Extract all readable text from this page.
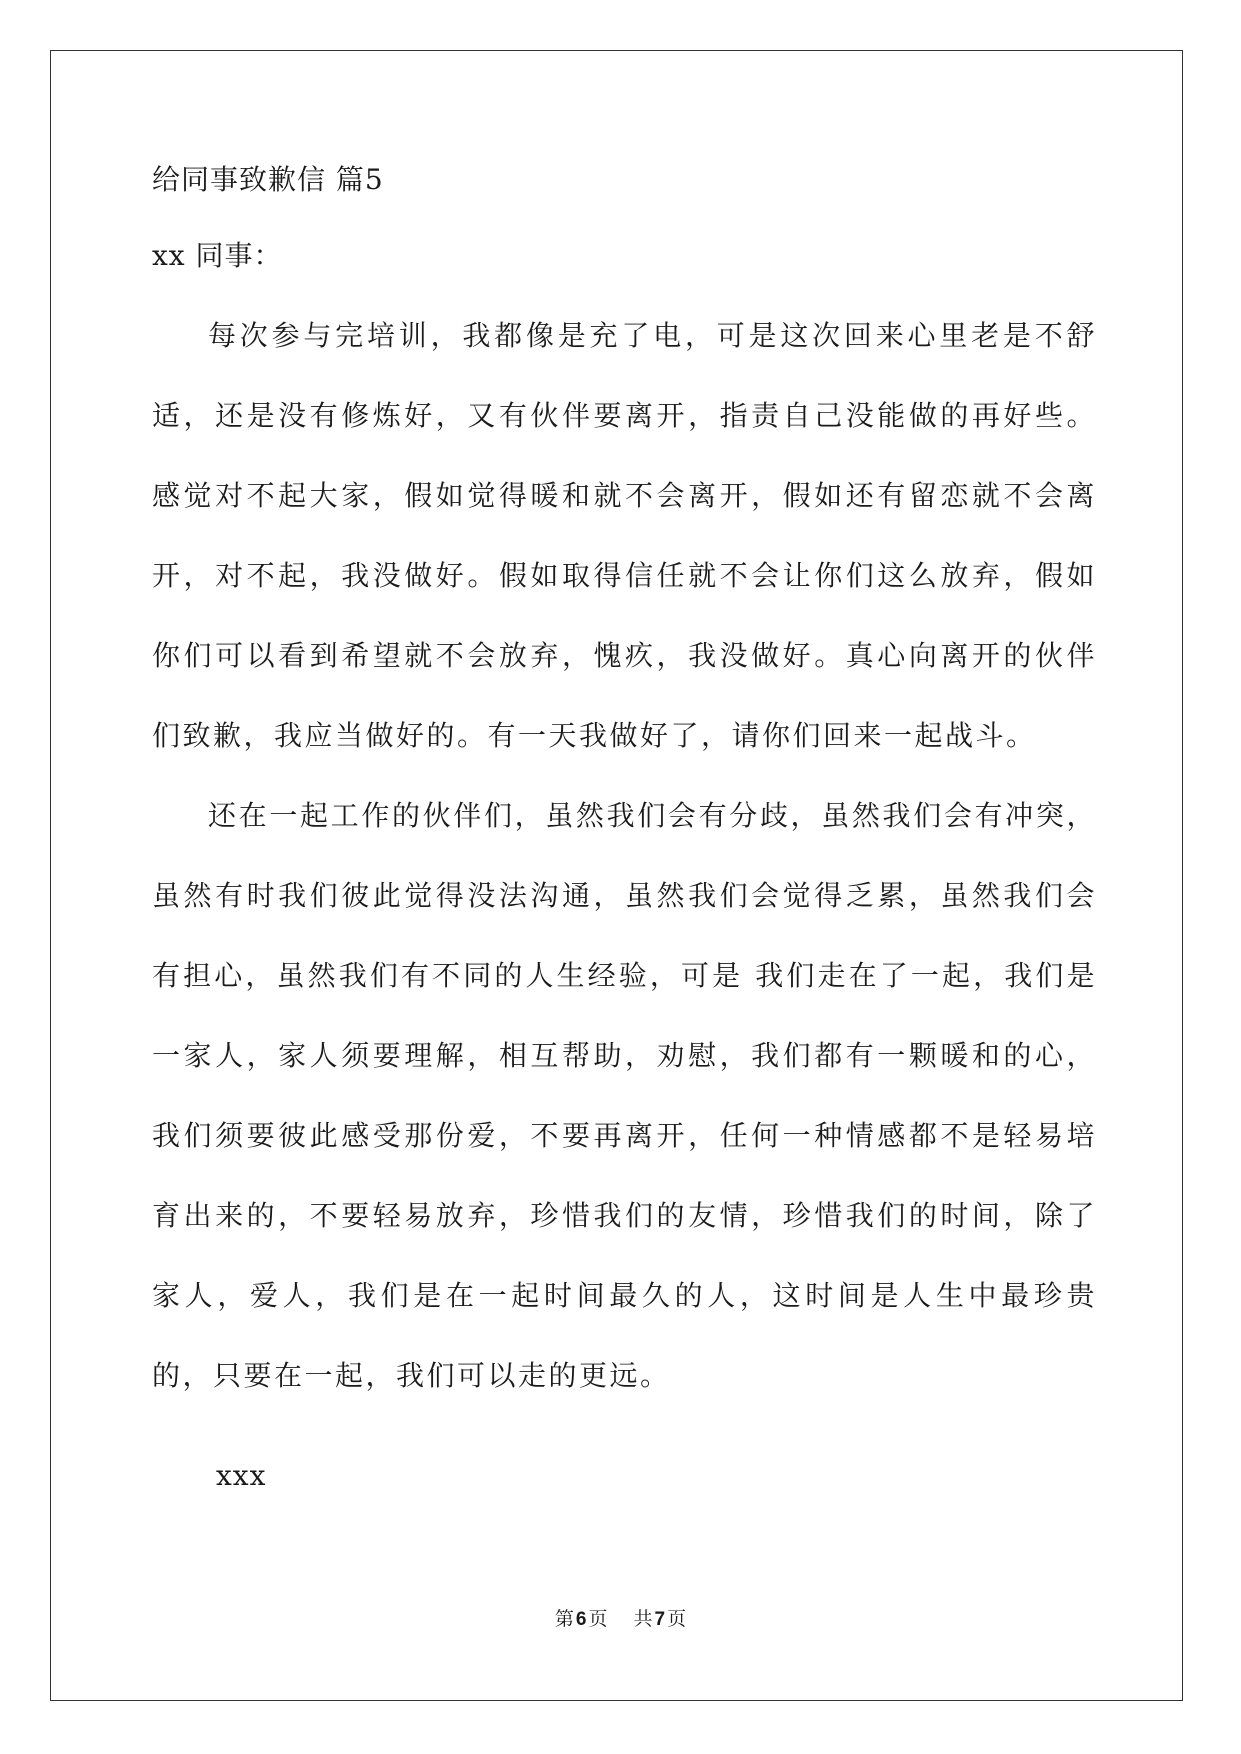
给同事致歉信 篇5
xx 同事：

每次参与完培训，我都像是充了电，可是这次回来心里老是不舒适，还是没有修炼好，又有伙伴要离开，指责自己没能做的再好些。感觉对不起大家，假如觉得暖和就不会离开，假如还有留恋就不会离开，对不起，我没做好。假如取得信任就不会让你们这么放弃，假如你们可以看到希望就不会放弃，愧疚，我没做好。真心向离开的伙伴们致歉，我应当做好的。有一天我做好了，请你们回来一起战斗。

还在一起工作的伙伴们，虽然我们会有分歧，虽然我们会有冲突，虽然有时我们彼此觉得没法沟通，虽然我们会觉得乏累，虽然我们会有担心，虽然我们有不同的人生经验，可是 我们走在了一起，我们是一家人，家人须要理解，相互帮助，劝慰，我们都有一颗暖和的心，我们须要彼此感受那份爱，不要再离开，任何一种情感都不是轻易培育出来的，不要轻易放弃，珍惜我们的友情，珍惜我们的时间，除了家人，爱人，我们是在一起时间最久的人，这时间是人生中最珍贵的，只要在一起，我们可以走的更远。

xxx
第 6 页 共 7 页
